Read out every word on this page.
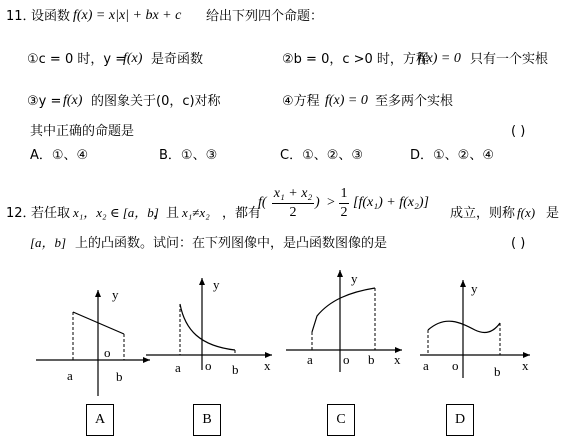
11．
设函数 f(x) = x|x| + bx + c 给出下列四个命题：
①c = 0 时，y =
f(x) 是奇函数	②b = 0，c >0 时，方程
f(x) = 0 只有一个实根
③y = f(x) 的图象关于(0，c)对称	④方程 f(x) = 0 至多两个实根
其中正确的命题是	( )
A．①、④	B．①、③	C．①、②、③	D．①、②、④
12．
若任取 x₁，x₂ ∈ [a，b]
，且 x₁≠x₂ ，都有
f(
x₁ + x₂
2
) >
1
2
[f(x₁) + f(x₂)]
成立，则称 f(x) 是
[a，b] 上的凸函数。试问：在下列图像中，是凸函数图像的是	( )
y
a
o
b
y
a o b x
y
a o b x
y
a o	b x
A	B	C	D
